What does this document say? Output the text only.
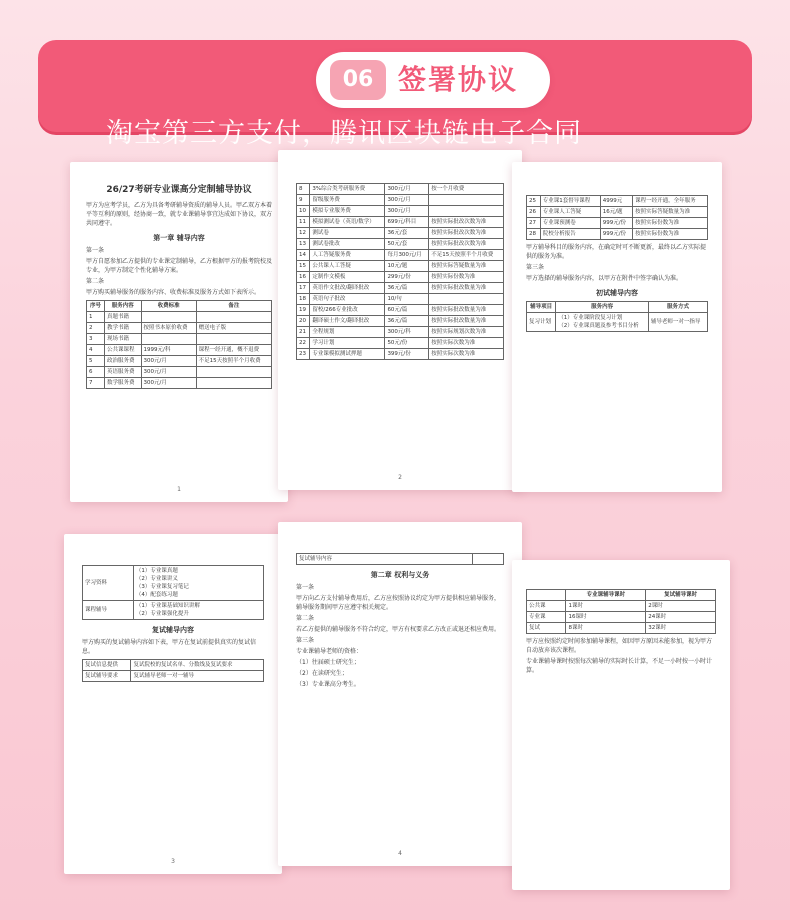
06 签署协议
淘宝第三方支付，腾讯区块链电子合同
26/27考研专业课高分定制辅导协议
甲方为应考学员，乙方为具备考研辅导资质的辅导人员。甲乙双方本着平等互利的原则，经协商一致，就专业课辅导事宜达成如下协议，双方共同遵守。
第一章 辅导内容
第一条
甲方自愿参加乙方提供的专业课定制辅导，乙方根据甲方的报考院校及专业，为甲方制定个性化辅导方案。
第二条
甲方购买辅导服务的服务内容、收费标准及服务方式如下表所示。
序号	服务内容	收费标准	备注
1	真题书籍		
2	教学书籍	按照书本原价收费	赠送电子版
3	现场书籍		
4	公共课课程	1999元/科	课程一经开通，概不退费
5	政治服务费	300元/月	不足15天按照半个月收费
6	英语服务费	300元/月	
7	数学服务费	300元/月	
1
8	3%综合类考研服务费	300元/月	按一个月收费
9	留级服务费	300元/月	
10	模拟专业服务费	300元/月	
11	模拟测试卷（英语/数学）	699元/科目	按照实际批改次数为准
12	测试卷	36元/套	按照实际批改次数为准
13	测试卷批改	50元/套	按照实际批改次数为准
14	人工答疑服务费	每月300元/月	不足15天按照半个月收费
15	公共课人工答疑	10元/题	按照实际答疑数量为准
16	定制作文模板	299元/份	按照实际份数为准
17	英语作文批改/翻译批改	36元/篇	按照实际批改数量为准
18	英语句子批改	10/句	
19	留校/266专业批改	60元/篇	按照实际批改数量为准
20	翻译硕士作文/翻译批改	36元/篇	按照实际批改数量为准
21	全程规划	300元/科	按照实际规划次数为准
22	学习计划	50元/份	按照实际次数为准
23	专业课模拟测试押题	399元/份	按照实际次数为准
2
25	专业课1套督导课程	4999元	课程一经开通，全年服务
26	专业课人工答疑	16元/题	按照实际答疑数量为准
27	专业课预测卷	999元/份	按照实际份数为准
28	院校分析报告	999元/份	按照实际份数为准
甲方辅导科目的服务内容，在确定时可不断更新，最终以乙方实际提供的服务为准。
第三条
甲方选择的辅导服务内容，以甲方在附件中签字确认为准。
初试辅导内容
辅导项目	服务内容	服务方式
复习计划	（1）专业课阶段复习计划
（2）专业课真题及参考书目分析	辅导老师一对一指导
学习资料	（1）专业课真题
（2）专业课讲义
（3）专业课复习笔记
（4）配套练习题
课程辅导	（1）专业课基础知识讲解
（2）专业课强化提升
复试辅导内容
甲方购买的复试辅导内容如下表，甲方在复试前提供真实的复试信息。
复试信息提供	复试院校的复试名单、分数线及复试要求
复试辅导要求	复试辅导老师一对一辅导
3
复试辅导内容	
第二章 权利与义务
第一条
甲方向乙方支付辅导费用后，乙方应按照协议约定为甲方提供相应辅导服务，辅导服务期间甲方应遵守相关规定。
第二条
若乙方提供的辅导服务不符合约定，甲方有权要求乙方改正或退还相应费用。
第三条
专业课辅导老师的资格：
（1）往届硕士研究生；
（2）在读研究生；
（3）专业课高分考生。
4
	专业课辅导课时	复试辅导课时
公共课	1课时	2课时
专业课	16课时	24课时
复试	8课时	32课时
甲方应按照约定时间参加辅导课程，如因甲方原因未能参加，视为甲方自动放弃该次课程。
专业课辅导课时按照每次辅导的实际时长计算，不足一小时按一小时计算。
